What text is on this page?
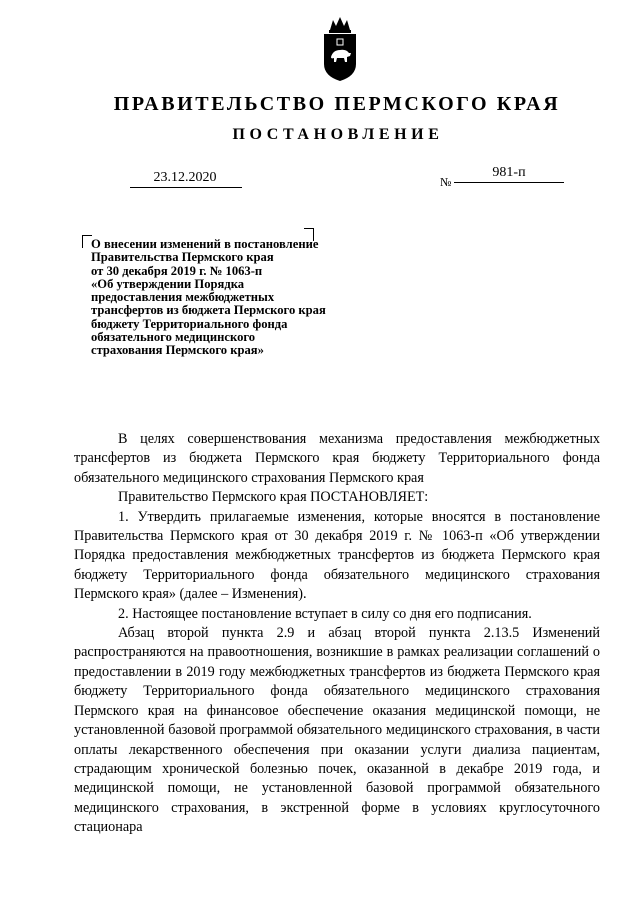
ПРАВИТЕЛЬСТВО ПЕРМСКОГО КРАЯ
ПОСТАНОВЛЕНИЕ
23.12.2020	№
981-п
О внесении изменений в постановление
Правительства Пермского края
от 30 декабря 2019 г. № 1063-п
«Об утверждении Порядка
предоставления межбюджетных
трансфертов из бюджета Пермского края
бюджету Территориального фонда
обязательного медицинского
страхования Пермского края»

В целях совершенствования механизма предоставления межбюджетных трансфертов из бюджета Пермского края бюджету Территориального фонда обязательного медицинского страхования Пермского края

Правительство Пермского края ПОСТАНОВЛЯЕТ:

1. Утвердить прилагаемые изменения, которые вносятся в постановление Правительства Пермского края от 30 декабря 2019 г. № 1063-п «Об утверждении Порядка предоставления межбюджетных трансфертов из бюджета Пермского края бюджету Территориального фонда обязательного медицинского страхования Пермского края» (далее – Изменения).

2. Настоящее постановление вступает в силу со дня его подписания.

Абзац второй пункта 2.9 и абзац второй пункта 2.13.5 Изменений распространяются на правоотношения, возникшие в рамках реализации соглашений о предоставлении в 2019 году межбюджетных трансфертов из бюджета Пермского края бюджету Территориального фонда обязательного медицинского страхования Пермского края на финансовое обеспечение оказания медицинской помощи, не установленной базовой программой обязательного медицинского страхования, в части оплаты лекарственного обеспечения при оказании услуги диализа пациентам, страдающим хронической болезнью почек, оказанной в декабре 2019 года, и медицинской помощи, не установленной базовой программой обязательного медицинского страхования, в экстренной форме в условиях круглосуточного стационара
